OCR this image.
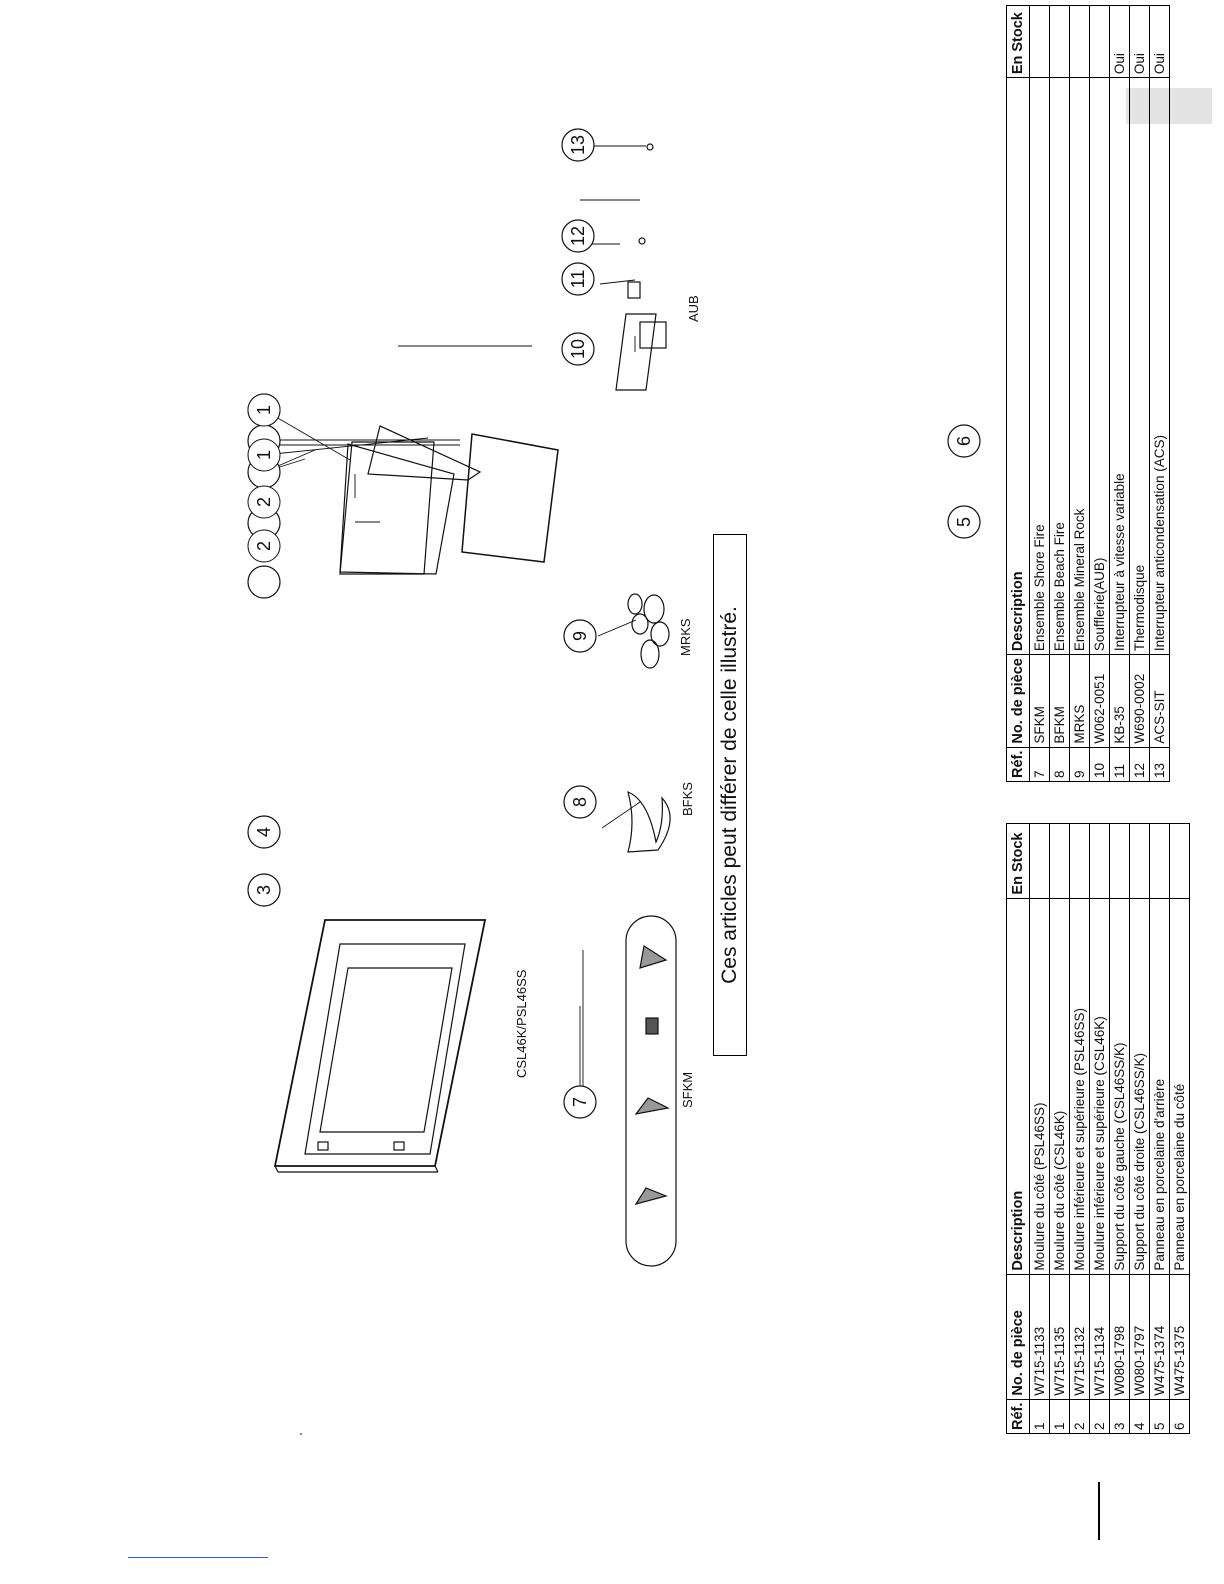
CSL46K/PSL46SS
SFKM
BFKS
MRKS
AUB
1
1
2
2
3
4
5
6
7
8
9
10
11
12
13
Ces articles peut différer de celle illustré.
Réf.	No. de pièce	Description	En Stock
1	W715-1133	Moulure du côté (PSL46SS)	
1	W715-1135	Moulure du côté (CSL46K)	
2	W715-1132	Moulure inférieure et supérieure (PSL46SS)	
2	W715-1134	Moulure inférieure et supérieure (CSL46K)	
3	W080-1798	Support du côté gauche (CSL46SS/K)	
4	W080-1797	Support du côté droite (CSL46SS/K)	
5	W475-1374	Panneau en porcelaine d'arrière	
6	W475-1375	Panneau en porcelaine du côté	
Réf.	No. de pièce	Description	En Stock
7	SFKM	Ensemble Shore Fire	
8	BFKM	Ensemble Beach Fire	
9	MRKS	Ensemble Mineral Rock	
10	W062-0051	Soufflerie(AUB)	
11	KB-35	Interrupteur à vitesse variable	Oui
12	W690-0002	Thermodisque	Oui
13	ACS-SIT	Interrupteur anticondensation (ACS)	Oui
